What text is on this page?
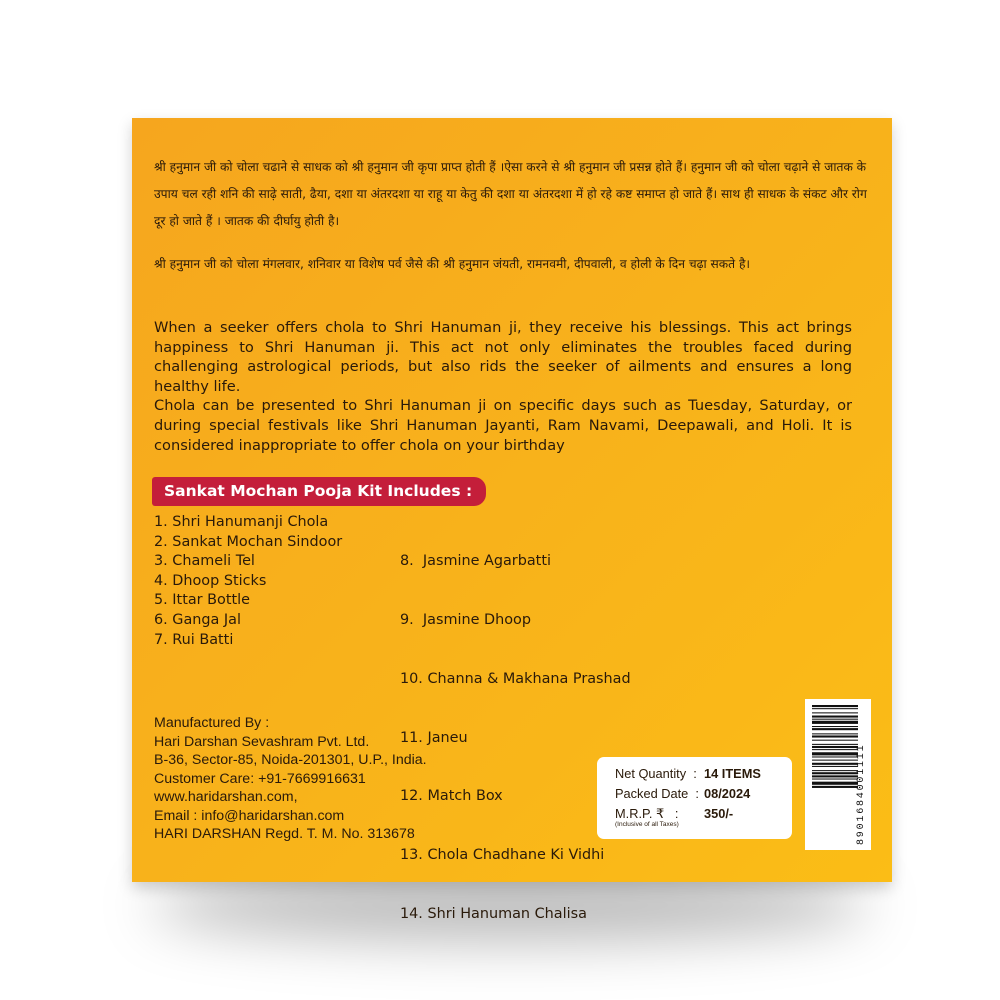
श्री हनुमान जी को चोला चढाने से साधक को श्री हनुमान जी कृपा प्राप्त होती हैं ।ऐसा करने से श्री हनुमान जी प्रसन्न होते हैं। हनुमान जी को चोला चढ़ाने से जातक के उपाय चल रही शनि की साढ़े साती, ढैया, दशा या अंतरदशा या राहू या केतु की दशा या अंतरदशा में हो रहे कष्ट समाप्त हो जाते हैं। साथ ही साधक के संकट और रोग दूर हो जाते हैं । जातक की दीर्घायु होती है।
श्री हनुमान जी को चोला मंगलवार, शनिवार या विशेष पर्व जैसे की श्री हनुमान जंयती, रामनवमी, दीपवाली, व होली के दिन चढ़ा सकते है।

When a seeker offers chola to Shri Hanuman ji, they receive his blessings. This act brings happiness to Shri Hanuman ji. This act not only eliminates the troubles faced during challenging astrological periods, but also rids the seeker of ailments and ensures a long healthy life.

Chola can be presented to Shri Hanuman ji on specific days such as Tuesday, Saturday, or during special festivals like Shri Hanuman Jayanti, Ram Navami, Deepawali, and Holi. It is considered inappropriate to offer chola on your birthday

Sankat Mochan Pooja Kit Includes :
1. Shri Hanumanji Chola
2. Sankat Mochan Sindoor
3. Chameli Tel
4. Dhoop Sticks
5. Ittar Bottle
6. Ganga Jal
7. Rui Batti

8.  Jasmine Agarbatti

9.  Jasmine Dhoop

10. Channa & Makhana Prashad

11. Janeu

12. Match Box

13. Chola Chadhane Ki Vidhi

14. Shri Hanuman Chalisa

Manufactured By :
Hari Darshan Sevashram Pvt. Ltd.
B-36, Sector-85, Noida-201301, U.P., India.
Customer Care: +91-7669916631
www.haridarshan.com,
Email : info@haridarshan.com
HARI DARSHAN Regd. T. M. No. 313678
Net Quantity  : 14 ITEMS
Packed Date  : 08/2024
M.R.P. ₹   : 350/-
(Inclusive of all Taxes)	8901684001111
